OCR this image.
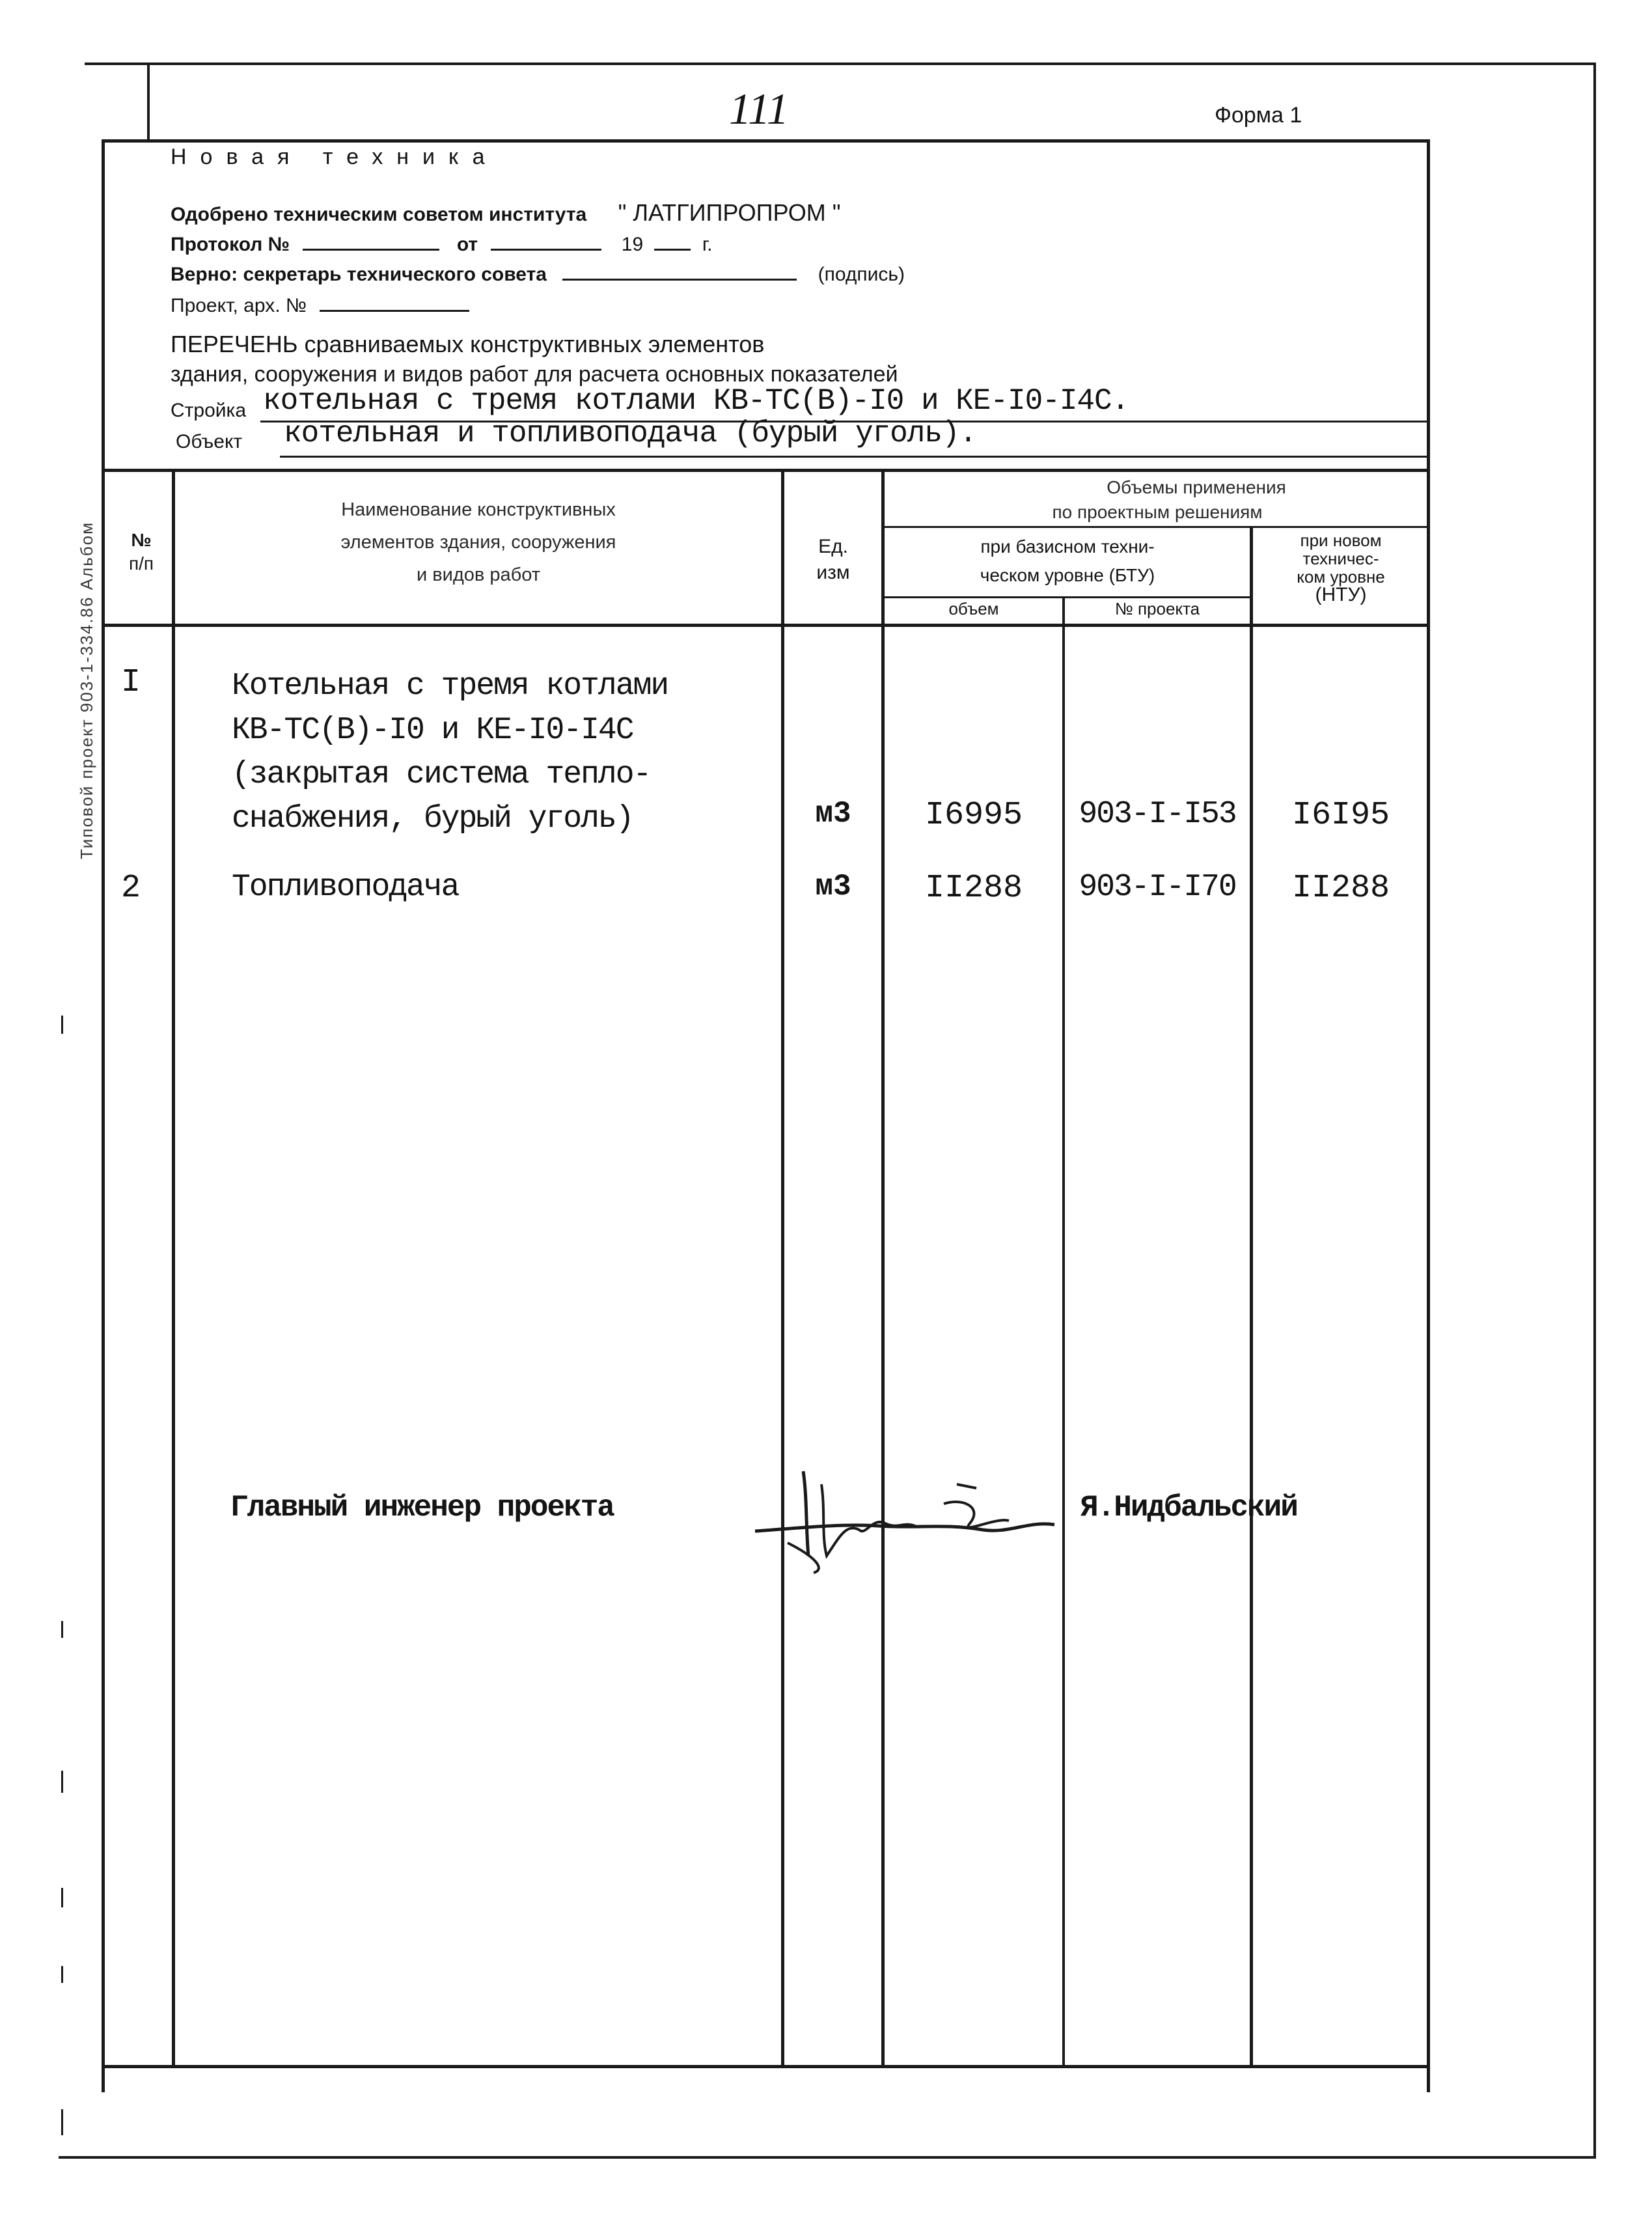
Типовой проект 903-1-334.86 Альбом
111	Форма 1
Новая техника
Одобрено техническим советом института " ЛАТГИПРОПРОМ "
Протокол №	от	19	г.
Верно: секретарь технического совета	(подпись)
Проект, арх. №
ПЕРЕЧЕНЬ сравниваемых конструктивных элементов
здания, сооружения и видов работ для расчета основных показателей
Стройка котельная с тремя котлами КВ-ТС(В)-I0 и КЕ-I0-I4С.
Объект котельная и топливоподача (бурый уголь).
№
п/п
Наименование конструктивных
элементов здания, сооружения
и видов работ
Ед.
изм
Объемы применения
по проектным решениям
при базисном техни-
ческом уровне (БТУ)
объем	№ проекта
при новом
техничес-
ком уровне
(НТУ)
I	Котельная с тремя котлами
КВ-ТС(В)-I0 и КЕ-I0-I4С
(закрытая система тепло-
снабжения, бурый уголь)	м3	I6995	903-I-I53	I6I95
2	Топливоподача	м3	II288	903-I-I70	II288
Главный инженер проекта	Я.Нидбальский
